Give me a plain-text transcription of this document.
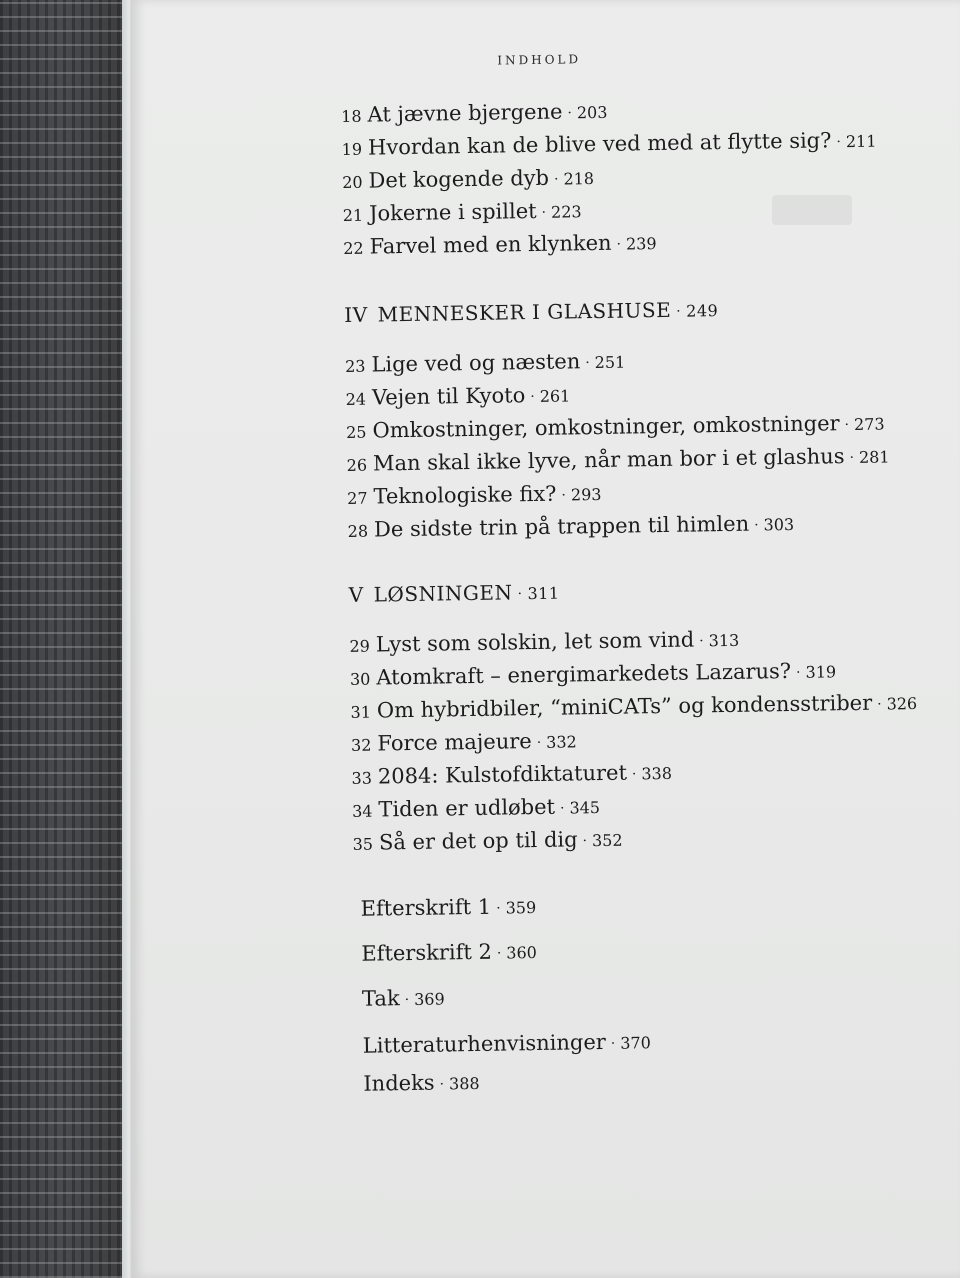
INDHOLD
18 At jævne bjergene · 203
19 Hvordan kan de blive ved med at flytte sig? · 211
20 Det kogende dyb · 218
21 Jokerne i spillet · 223
22 Farvel med en klynken · 239
IV MENNESKER I GLASHUSE · 249
23 Lige ved og næsten · 251
24 Vejen til Kyoto · 261
25 Omkostninger, omkostninger, omkostninger · 273
26 Man skal ikke lyve, når man bor i et glashus · 281
27 Teknologiske fix? · 293
28 De sidste trin på trappen til himlen · 303
V LØSNINGEN · 311
29 Lyst som solskin, let som vind · 313
30 Atomkraft – energimarkedets Lazarus? · 319
31 Om hybridbiler, “miniCATs” og kondensstriber · 326
32 Force majeure · 332
33 2084: Kulstofdiktaturet · 338
34 Tiden er udløbet · 345
35 Så er det op til dig · 352
Efterskrift 1 · 359
Efterskrift 2 · 360
Tak · 369
Litteraturhenvisninger · 370
Indeks · 388
